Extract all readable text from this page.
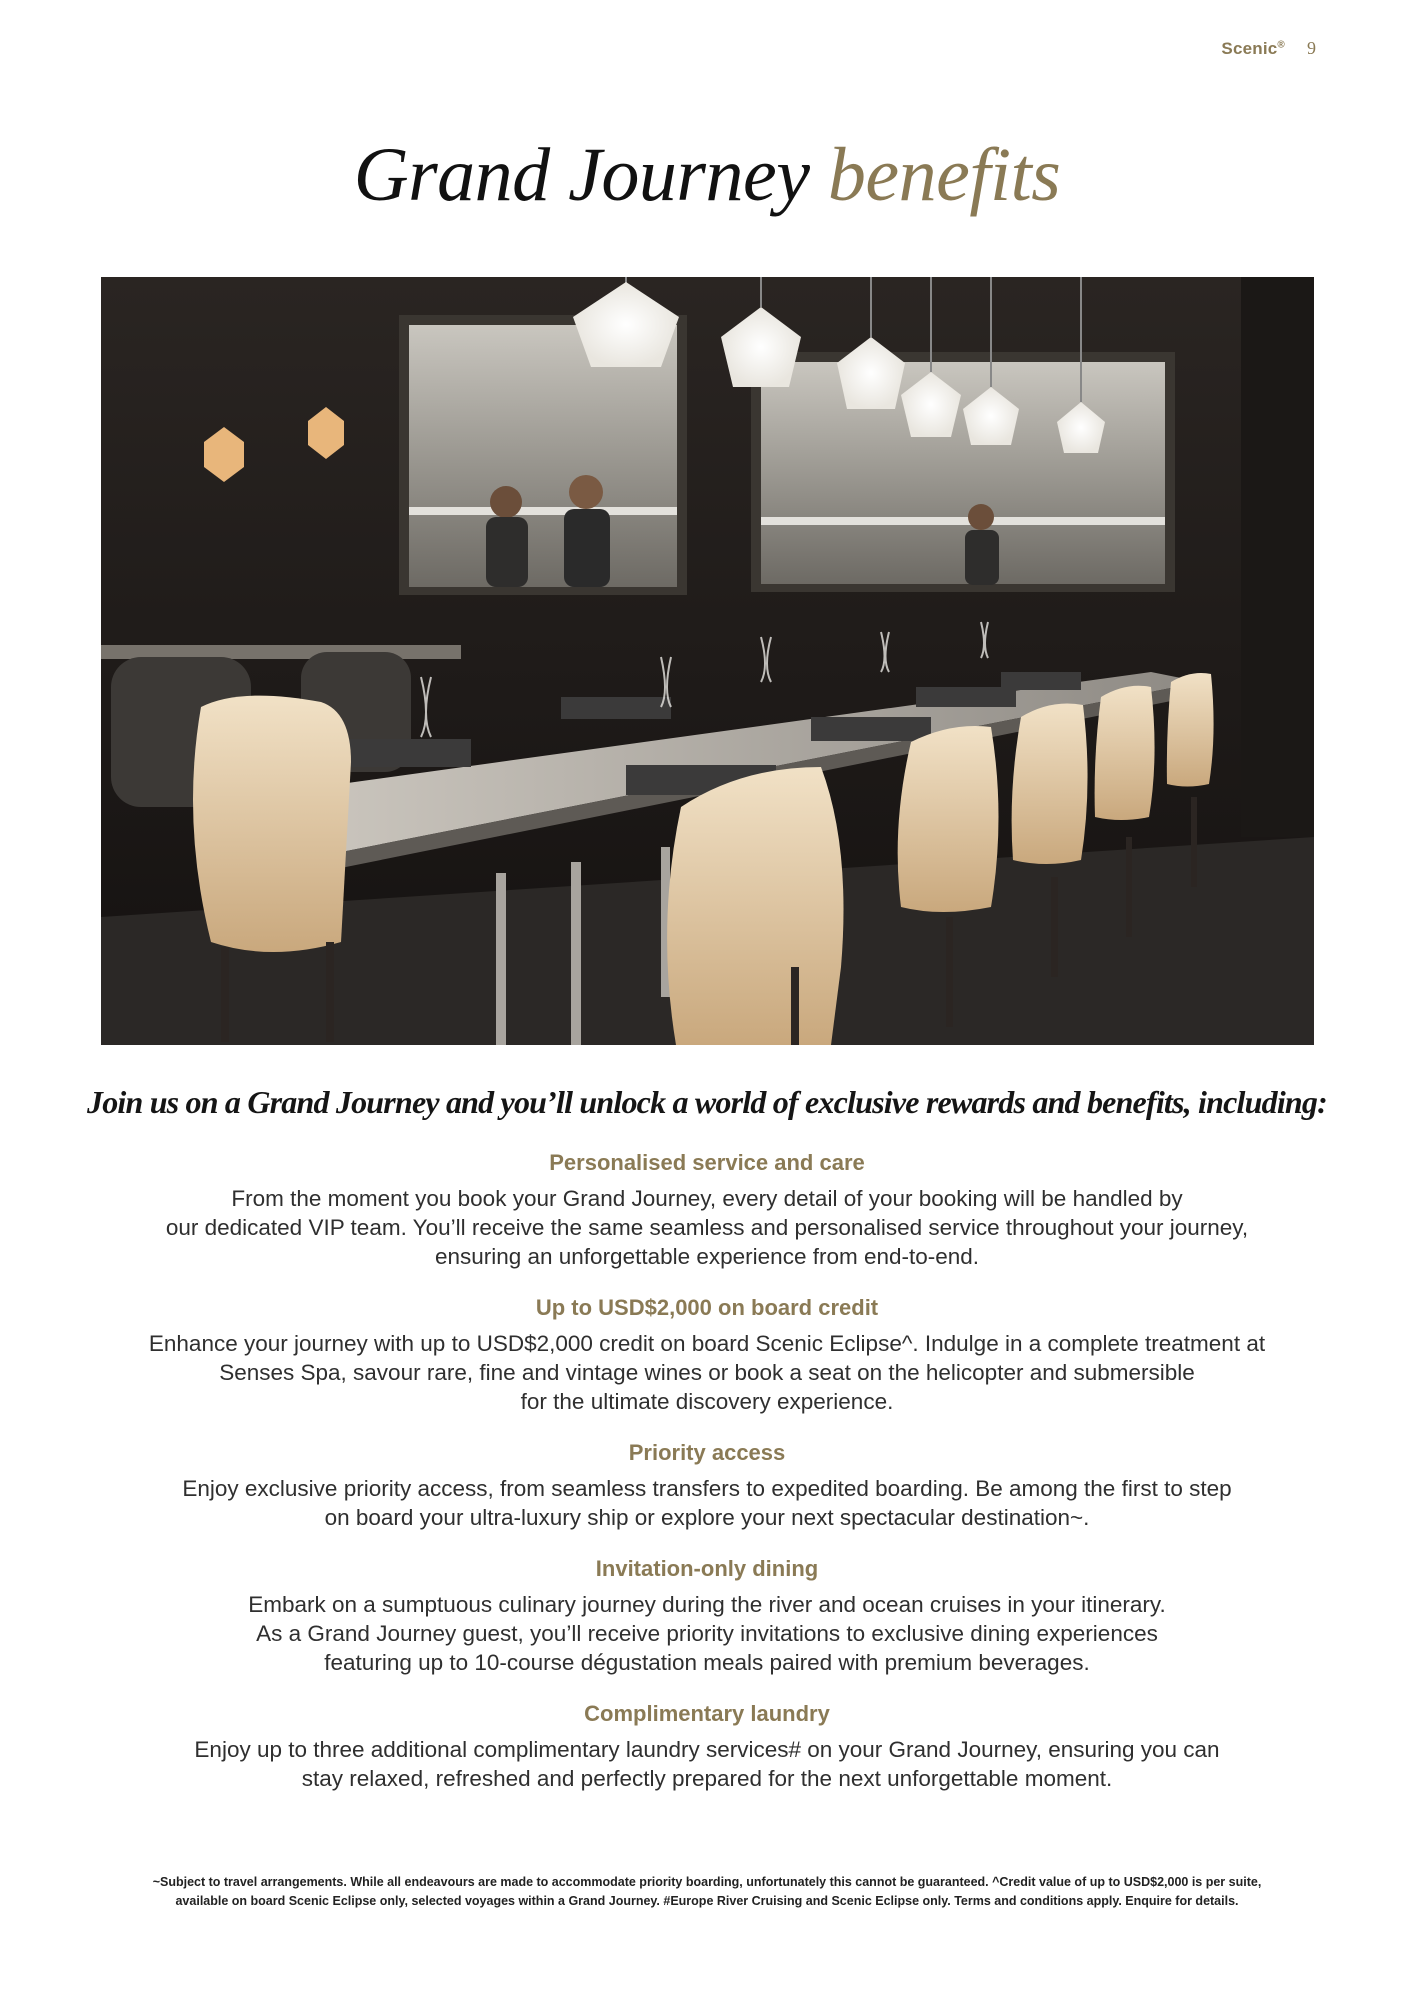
Scenic® 9
Grand Journey benefits

Join us on a Grand Journey and you’ll unlock a world of exclusive rewards and benefits, including:

Personalised service and care

From the moment you book your Grand Journey, every detail of your booking will be handled by
our dedicated VIP team. You’ll receive the same seamless and personalised service throughout your journey,
ensuring an unforgettable experience from end-to-end.

Up to USD$2,000 on board credit

Enhance your journey with up to USD$2,000 credit on board Scenic Eclipse^. Indulge in a complete treatment at
Senses Spa, savour rare, fine and vintage wines or book a seat on the helicopter and submersible
for the ultimate discovery experience.

Priority access

Enjoy exclusive priority access, from seamless transfers to expedited boarding. Be among the first to step
on board your ultra-luxury ship or explore your next spectacular destination~.

Invitation-only dining

Embark on a sumptuous culinary journey during the river and ocean cruises in your itinerary.
As a Grand Journey guest, you’ll receive priority invitations to exclusive dining experiences
featuring up to 10-course dégustation meals paired with premium beverages.

Complimentary laundry

Enjoy up to three additional complimentary laundry services# on your Grand Journey, ensuring you can
stay relaxed, refreshed and perfectly prepared for the next unforgettable moment.

~Subject to travel arrangements. While all endeavours are made to accommodate priority boarding, unfortunately this cannot be guaranteed. ^Credit value of up to USD$2,000 is per suite,
available on board Scenic Eclipse only, selected voyages within a Grand Journey. #Europe River Cruising and Scenic Eclipse only. Terms and conditions apply. Enquire for details.
